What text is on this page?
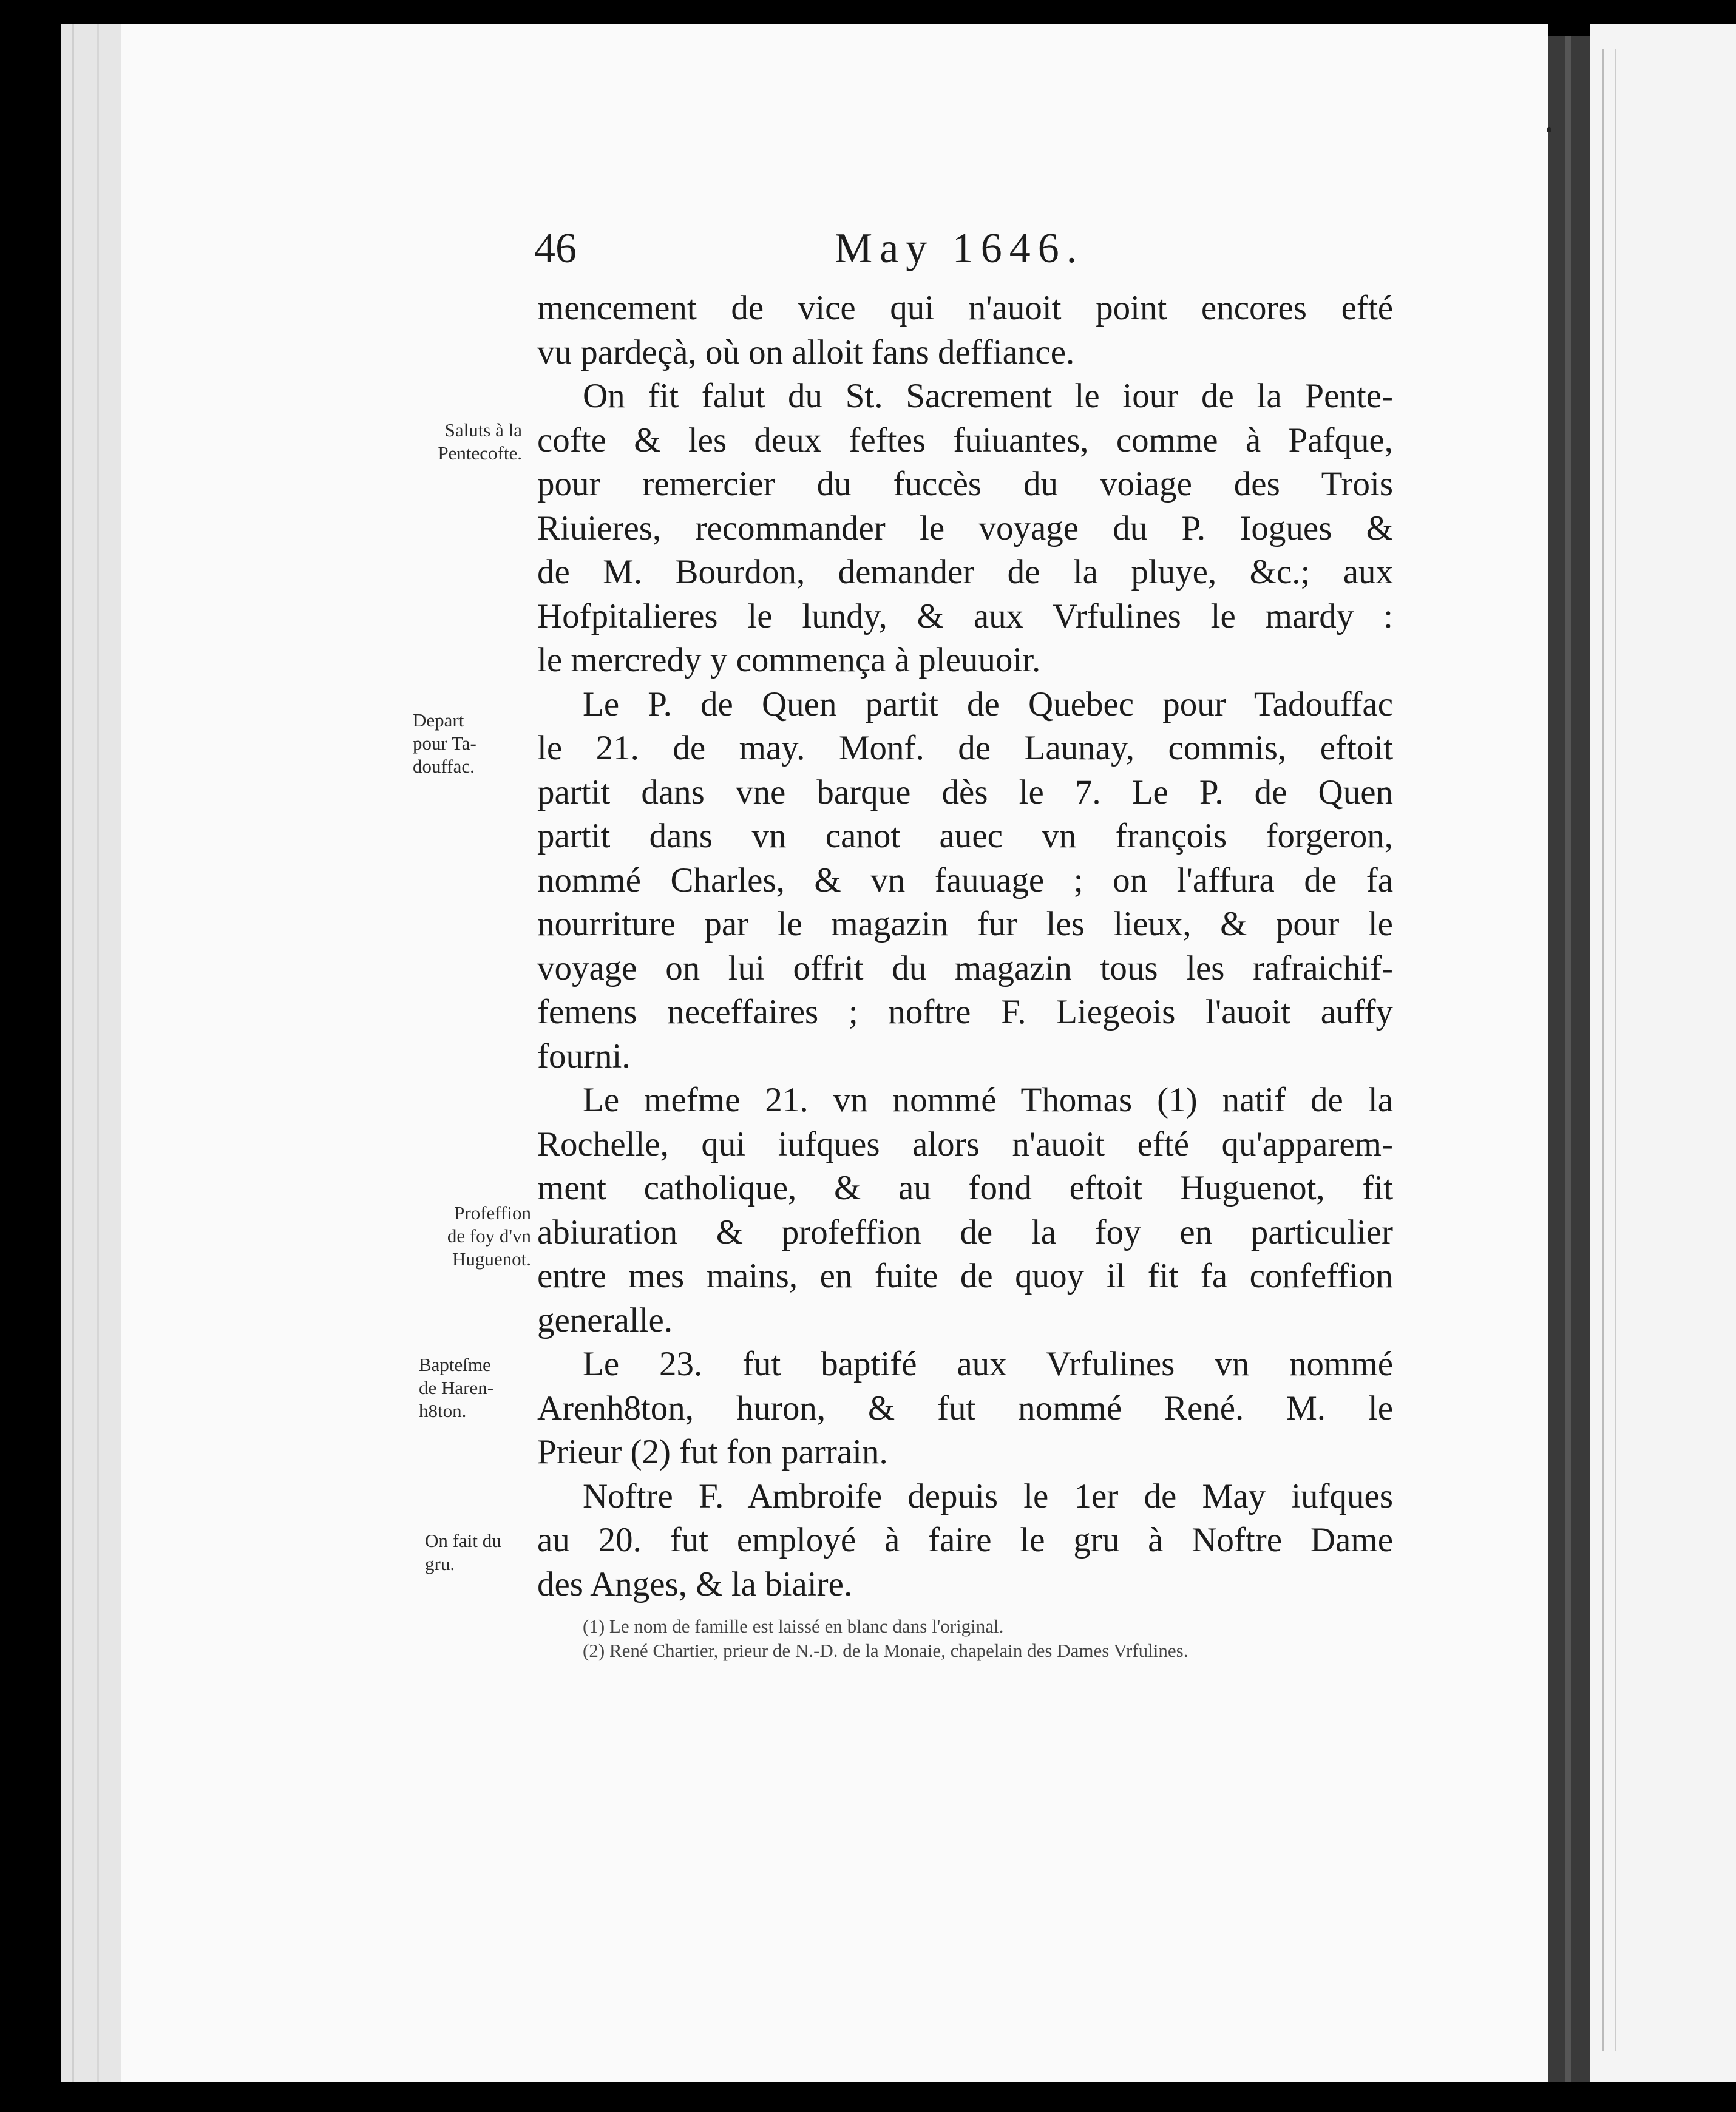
46	May 1646.
Saluts à la
Pentecofte.
Depart
pour Ta-
douffac.
Profeffion
de foy d'vn
Huguenot.
Bapteſme
de Haren-
h8ton.
On fait du
gru.

mencement de vice qui n'auoit point encores efté
vu pardeçà, où on alloit fans deffiance.

On fit falut du St. Sacrement le iour de la Pente-
cofte & les deux feftes fuiuantes, comme à Pafque,
pour remercier du fuccès du voiage des Trois
Riuieres, recommander le voyage du P. Iogues &
de M. Bourdon, demander de la pluye, &c.; aux
Hofpitalieres le lundy, & aux Vrfulines le mardy :
le mercredy y commença à pleuuoir.

Le P. de Quen partit de Quebec pour Tadouffac
le 21. de may. Monf. de Launay, commis, eftoit
partit dans vne barque dès le 7. Le P. de Quen
partit dans vn canot auec vn françois forgeron,
nommé Charles, & vn fauuage ; on l'affura de fa
nourriture par le magazin fur les lieux, & pour le
voyage on lui offrit du magazin tous les rafraichif-
femens neceffaires ; noftre F. Liegeois l'auoit auffy
fourni.

Le mefme 21. vn nommé Thomas (1) natif de la
Rochelle, qui iufques alors n'auoit efté qu'apparem-
ment catholique, & au fond eftoit Huguenot, fit
abiuration & profeffion de la foy en particulier
entre mes mains, en fuite de quoy il fit fa confeffion
generalle.

Le 23. fut baptifé aux Vrfulines vn nommé
Arenh8ton, huron, & fut nommé René. M. le
Prieur (2) fut fon parrain.

Noftre F. Ambroife depuis le 1er de May iufques
au 20. fut employé à faire le gru à Noftre Dame
des Anges, & la biaire.

(1) Le nom de famille est laissé en blanc dans l'original.
(2) René Chartier, prieur de N.-D. de la Monaie, chapelain des Dames Vrfulines.
